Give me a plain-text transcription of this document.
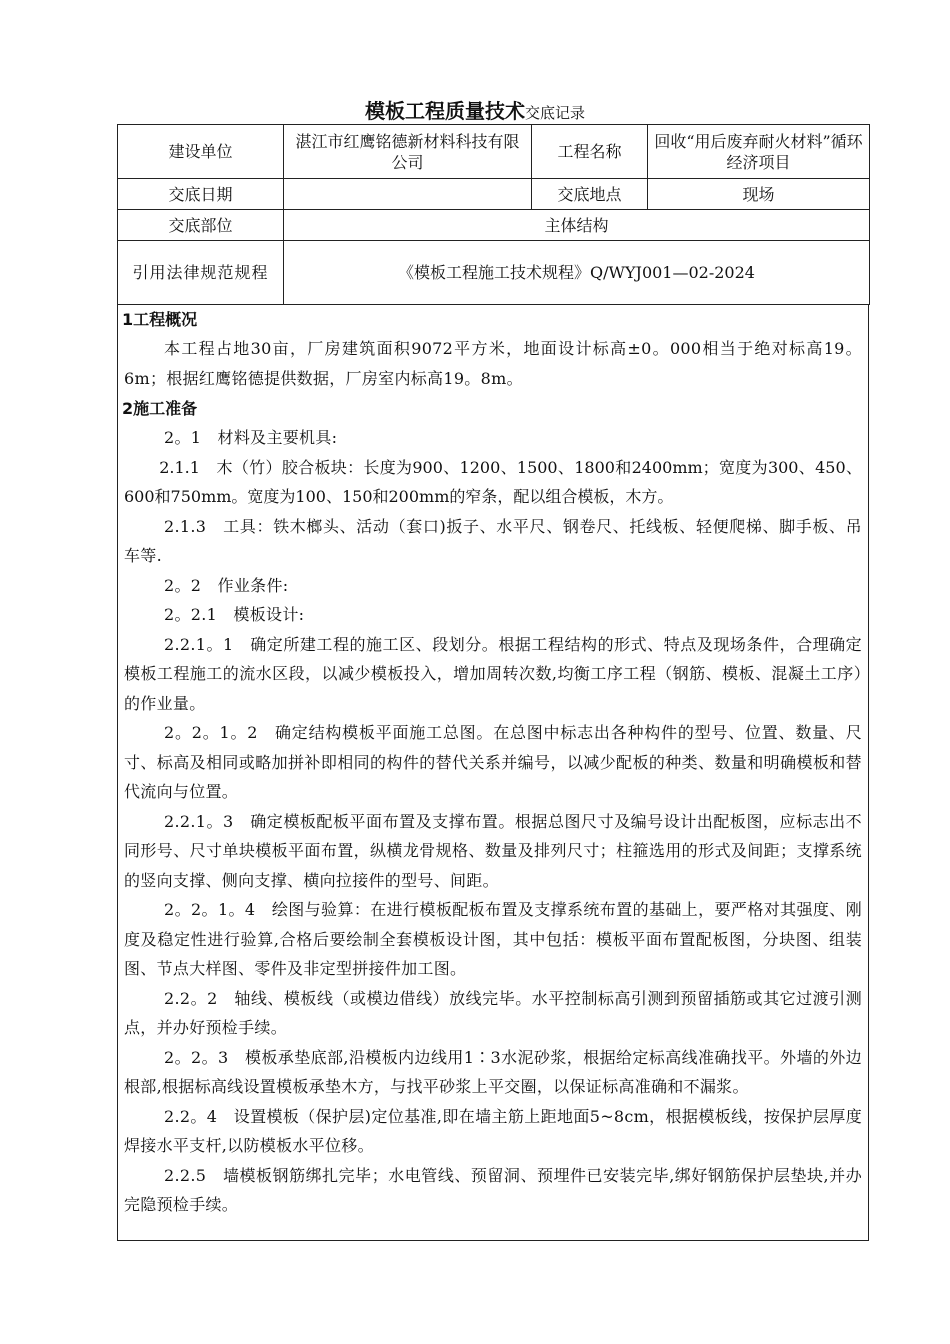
模板工程质量技术交底记录
建设单位	湛江市红鹰铭德新材料科技有限公司	工程名称	回收“用后废弃耐火材料”循环经济项目
交底日期		交底地点	现场
交底部位	主体结构		
引用法律规范规程	《模板工程施工技术规程》Q/WYJ001—02-2024		
1工程概况

本工程占地30亩，厂房建筑面积9072平方米，地面设计标高±0。000相当于绝对标高19。6m；根据红鹰铭德提供数据，厂房室内标高19。8m。

2施工准备

2。1　材料及主要机具:

2.1.1　木（竹）胶合板块：长度为900、1200、1500、1800和2400mm；宽度为300、450、600和750mm。宽度为100、150和200mm的窄条，配以组合模板，木方。

2.1.3　工具：铁木榔头、活动（套口)扳子、水平尺、钢卷尺、托线板、轻便爬梯、脚手板、吊车等.

2。2　作业条件:

2。2.1　模板设计:

2.2.1。1　确定所建工程的施工区、段划分。根据工程结构的形式、特点及现场条件，合理确定模板工程施工的流水区段，以减少模板投入，增加周转次数,均衡工序工程（钢筋、模板、混凝土工序）的作业量。

2。2。1。2　确定结构模板平面施工总图。在总图中标志出各种构件的型号、位置、数量、尺寸、标高及相同或略加拼补即相同的构件的替代关系并编号，以减少配板的种类、数量和明确模板和替代流向与位置。

2.2.1。3　确定模板配板平面布置及支撑布置。根据总图尺寸及编号设计出配板图，应标志出不同形号、尺寸单块模板平面布置，纵横龙骨规格、数量及排列尺寸；柱箍选用的形式及间距；支撑系统的竖向支撑、侧向支撑、横向拉接件的型号、间距。

2。2。1。4　绘图与验算：在进行模板配板布置及支撑系统布置的基础上，要严格对其强度、刚度及稳定性进行验算,合格后要绘制全套模板设计图，其中包括：模板平面布置配板图，分块图、组装图、节点大样图、零件及非定型拼接件加工图。

2.2。2　轴线、模板线（或模边借线）放线完毕。水平控制标高引测到预留插筋或其它过渡引测点，并办好预检手续。

2。2。3　模板承垫底部,沿模板内边线用1∶3水泥砂浆，根据给定标高线准确找平。外墙的外边根部,根据标高线设置模板承垫木方，与找平砂浆上平交圈，以保证标高准确和不漏浆。

2.2。4　设置模板（保护层)定位基准,即在墙主筋上距地面5~8cm，根据模板线，按保护层厚度焊接水平支杆,以防模板水平位移。

2.2.5　墙模板钢筋绑扎完毕；水电管线、预留洞、预埋件已安装完毕,绑好钢筋保护层垫块,并办完隐预检手续。
